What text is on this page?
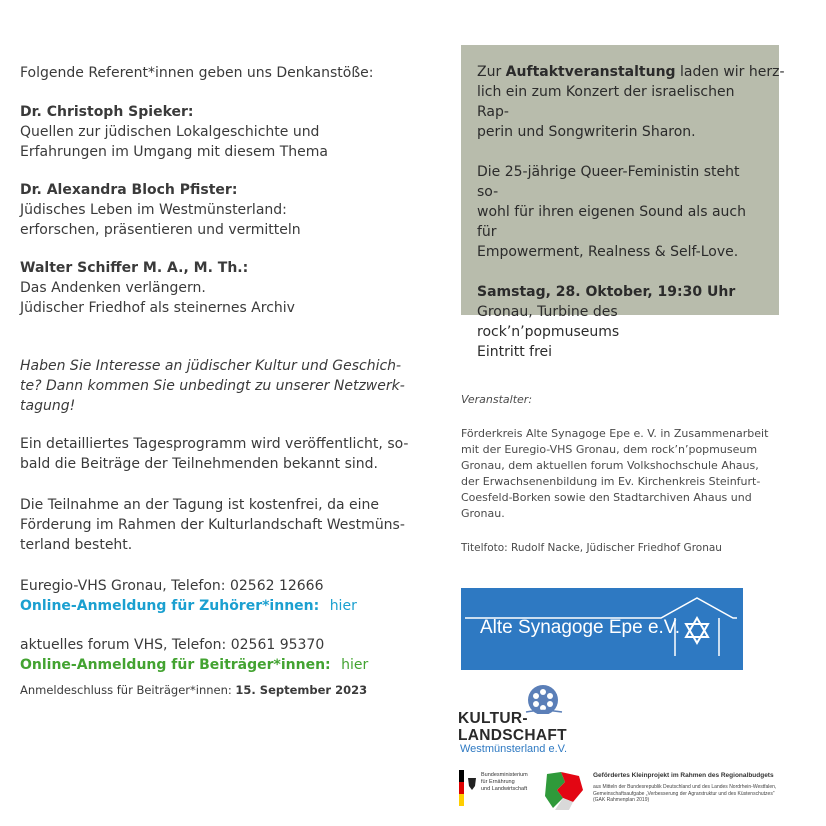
Folgende Referent*innen geben uns Denkanstöße:

Dr. Christoph Spieker:

Quellen zur jüdischen Lokalgeschichte und

Erfahrungen im Umgang mit diesem Thema

Dr. Alexandra Bloch Pfister:

Jüdisches Leben im Westmünsterland:

erforschen, präsentieren und vermitteln

Walter Schiffer M. A., M. Th.:

Das Andenken verlängern.

Jüdischer Friedhof als steinernes Archiv

Haben Sie Interesse an jüdischer Kultur und Geschich-

te? Dann kommen Sie unbedingt zu unserer Netzwerk-

tagung!

Ein detailliertes Tagesprogramm wird veröffentlicht, so-

bald die Beiträge der Teilnehmenden bekannt sind.

Die Teilnahme an der Tagung ist kostenfrei, da eine

Förderung im Rahmen der Kulturlandschaft Westmüns-

terland besteht.

Euregio-VHS Gronau, Telefon: 02562 12666

Online-Anmeldung für Zuhörer*innen: hier

aktuelles forum VHS, Telefon: 02561 95370

Online-Anmeldung für Beiträger*innen: hier

Anmeldeschluss für Beiträger*innen: 15. September 2023

Zur Auftaktveranstaltung laden wir herz-

lich ein zum Konzert der israelischen Rap-

perin und Songwriterin Sharon.

Die 25-jährige Queer-Feministin steht so-

wohl für ihren eigenen Sound als auch für

Empowerment, Realness & Self-Love.

Samstag, 28. Oktober, 19:30 Uhr

Gronau, Turbine des rock’n’popmuseums

Eintritt frei

Veranstalter:

Förderkreis Alte Synagoge Epe e. V. in Zusammenarbeit

mit der Euregio-VHS Gronau, dem rock’n’popmuseum

Gronau, dem aktuellen forum Volkshochschule Ahaus,

der Erwachsenenbildung im Ev. Kirchenkreis Steinfurt-

Coesfeld-Borken sowie den Stadtarchiven Ahaus und

Gronau.

Titelfoto: Rudolf Nacke, Jüdischer Friedhof Gronau

Alte Synagoge Epe e.V.
KULTUR-
LANDSCHAFT
Westmünsterland e.V.
Bundesministerium
für Ernährung
und Landwirtschaft
Gefördertes Kleinprojekt im Rahmen des Regionalbudgets
aus Mitteln der Bundesrepublik Deutschland und des Landes Nordrhein-Westfalen,
Gemeinschaftsaufgabe „Verbesserung der Agrarstruktur und des Küstenschutzes“
(GAK Rahmenplan 2019)
